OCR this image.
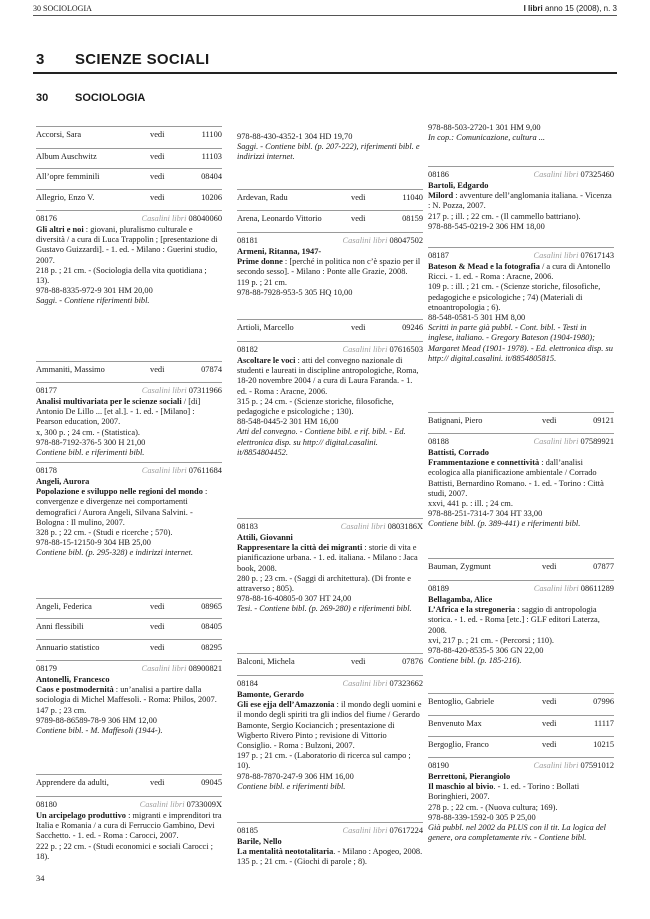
30 SOCIOLOGIA	I libri anno 15 (2008), n. 3
3 SCIENZE SOCIALI
30 SOCIOLOGIA
Accorsi, Sara	vedi	11100
Album Auschwitz	vedi	11103
All’opre femminili	vedi	08404
Allegrio, Enzo V.	vedi	10206
08176	Casalini libri 08040060

Gli altri e noi : giovani, pluralismo culturale e diversità / a cura di Luca Trappolin ; [presentazione di Gustavo Guizzardi]. - 1. ed. - Milano : Guerini studio, 2007.

218 p. ; 21 cm. - (Sociologia della vita quotidiana ; 13).

978-88-8335-972-9 301 HM 20,00

Saggi. - Contiene riferimenti bibl.

Ammaniti, Massimo	vedi	07874
08177	Casalini libri 07311966

Analisi multivariata per le scienze sociali / [di] Antonio De Lillo ... [et al.]. - 1. ed. - [Milano] : Pearson education, 2007.

x, 300 p. ; 24 cm. - (Statistica).

978-88-7192-376-5 300 H 21,00

Contiene bibl. e riferimenti bibl.

08178	Casalini libri 07611684

Angeli, Aurora

Popolazione e sviluppo nelle regioni del mondo : convergenze e divergenze nei comportamenti demografici / Aurora Angeli, Silvana Salvini. - Bologna : Il mulino, 2007.

328 p. ; 22 cm. - (Studi e ricerche ; 570).

978-88-15-12150-9 304 HB 25,00

Contiene bibl. (p. 295-328) e indirizzi internet.

Angeli, Federica	vedi	08965
Anni flessibili	vedi	08405
Annuario statistico	vedi	08295
08179	Casalini libri 08900821

Antonelli, Francesco

Caos e postmodernità : un’analisi a partire dalla sociologia di Michel Maffesoli. - Roma: Philos, 2007.

147 p. ; 23 cm.

9789-88-86589-78-9 306 HM 12,00

Contiene bibl. - M. Maffesoli (1944-).

Apprendere da adulti,	vedi	09045
08180	Casalini libri 0733009X

Un arcipelago produttivo : migranti e imprenditori tra Italia e Romania / a cura di Ferruccio Gambino, Devi Sacchetto. - 1. ed. - Roma : Carocci, 2007.

222 p. ; 22 cm. - (Studi economici e sociali Carocci ; 18).

978-88-430-4352-1 304 HD 19,70

Saggi. - Contiene bibl. (p. 207-222), riferimenti bibl. e indirizzi internet.

Ardevan, Radu	vedi	11040
Arena, Leonardo Vittorio	vedi	08159
08181	Casalini libri 08047502

Armeni, Ritanna, 1947-

Prime donne : [perché in politica non c’è spazio per il secondo sesso]. - Milano : Ponte alle Grazie, 2008.

119 p. ; 21 cm.

978-88-7928-953-5 305 HQ 10,00

Artioli, Marcello	vedi	09246
08182	Casalini libri 07616503

Ascoltare le voci : atti del convegno nazionale di studenti e laureati in discipline antropologiche, Roma, 18-20 novembre 2004 / a cura di Laura Faranda. - 1. ed. - Roma : Aracne, 2006.

315 p. ; 24 cm. - (Scienze storiche, filosofiche, pedagogiche e psicologiche ; 130).

88-548-0445-2 301 HM 16,00

Atti del convegno. - Contiene bibl. e rif. bibl. - Ed. elettronica disp. su http:// digital.casalini. it/8854804452.

08183	Casalini libri 0803186X

Attili, Giovanni

Rappresentare la città dei migranti : storie di vita e pianificazione urbana. - 1. ed. italiana. - Milano : Jaca book, 2008.

280 p. ; 23 cm. - (Saggi di architettura). (Di fronte e attraverso ; 805).

978-88-16-40805-0 307 HT 24,00

Tesi. - Contiene bibl. (p. 269-280) e riferimenti bibl.

Balconi, Michela	vedi	07876
08184	Casalini libri 07323662

Bamonte, Gerardo

Gli ese ejja dell’Amazzonia : il mondo degli uomini e il mondo degli spiriti tra gli indios del fiume / Gerardo Bamonte, Sergio Kociancich ; presentazione di Wigberto Rivero Pinto ; revisione di Vittorio Consiglio. - Roma : Bulzoni, 2007.

197 p. ; 21 cm. - (Laboratorio di ricerca sul campo ; 10).

978-88-7870-247-9 306 HM 16,00

Contiene bibl. e riferimenti bibl.

08185	Casalini libri 07617224

Barile, Nello

La mentalità neototalitaria. - Milano : Apogeo, 2008.

135 p. ; 21 cm. - (Giochi di parole ; 8).

978-88-503-2720-1 301 HM 9,00

In cop.: Comunicazione, cultura ...

08186	Casalini libri 07325460

Bartoli, Edgardo

Milord : avventure dell’anglomania italiana. - Vicenza : N. Pozza, 2007.

217 p. ; ill. ; 22 cm. - (Il cammello battriano).

978-88-545-0219-2 306 HM 18,00

08187	Casalini libri 07617143

Bateson & Mead e la fotografia / a cura di Antonello Ricci. - 1. ed. - Roma : Aracne, 2006.

109 p. : ill. ; 21 cm. - (Scienze storiche, filosofiche, pedagogiche e psicologiche ; 74) (Materiali di etnoantropologia ; 6).

88-548-0581-5 301 HM 8,00

Scritti in parte già pubbl. - Cont. bibl. - Testi in inglese, italiano. - Gregory Bateson (1904-1980); Margaret Mead (1901- 1978). - Ed. elettronica disp. su http:// digital.casalini. it/8854805815.

Batignani, Piero	vedi	09121
08188	Casalini libri 07589921

Battisti, Corrado

Frammentazione e connettività : dall’analisi ecologica alla pianificazione ambientale / Corrado Battisti, Bernardino Romano. - 1. ed. - Torino : Città studi, 2007.

xxvi, 441 p. : ill. ; 24 cm.

978-88-251-7314-7 304 HT 33,00

Contiene bibl. (p. 389-441) e riferimenti bibl.

Bauman, Zygmunt	vedi	07877
08189	Casalini libri 08611289

Bellagamba, Alice

L’Africa e la stregoneria : saggio di antropologia storica. - 1. ed. - Roma [etc.] : GLF editori Laterza, 2008.

xvi, 217 p. ; 21 cm. - (Percorsi ; 110).

978-88-420-8535-5 306 GN 22,00

Contiene bibl. (p. 185-216).

Bentoglio, Gabriele	vedi	07996
Benvenuto Max	vedi	11117
Bergoglio, Franco	vedi	10215
08190	Casalini libri 07591012

Berrettoni, Pierangiolo

Il maschio al bivio. - 1. ed. - Torino : Bollati Boringhieri, 2007.

278 p. ; 22 cm. - (Nuova cultura; 169).

978-88-339-1592-0 305 P 25,00

Già pubbl. nel 2002 da PLUS con il tit. La logica del genere, ora completamente riv. - Contiene bibl.

34
